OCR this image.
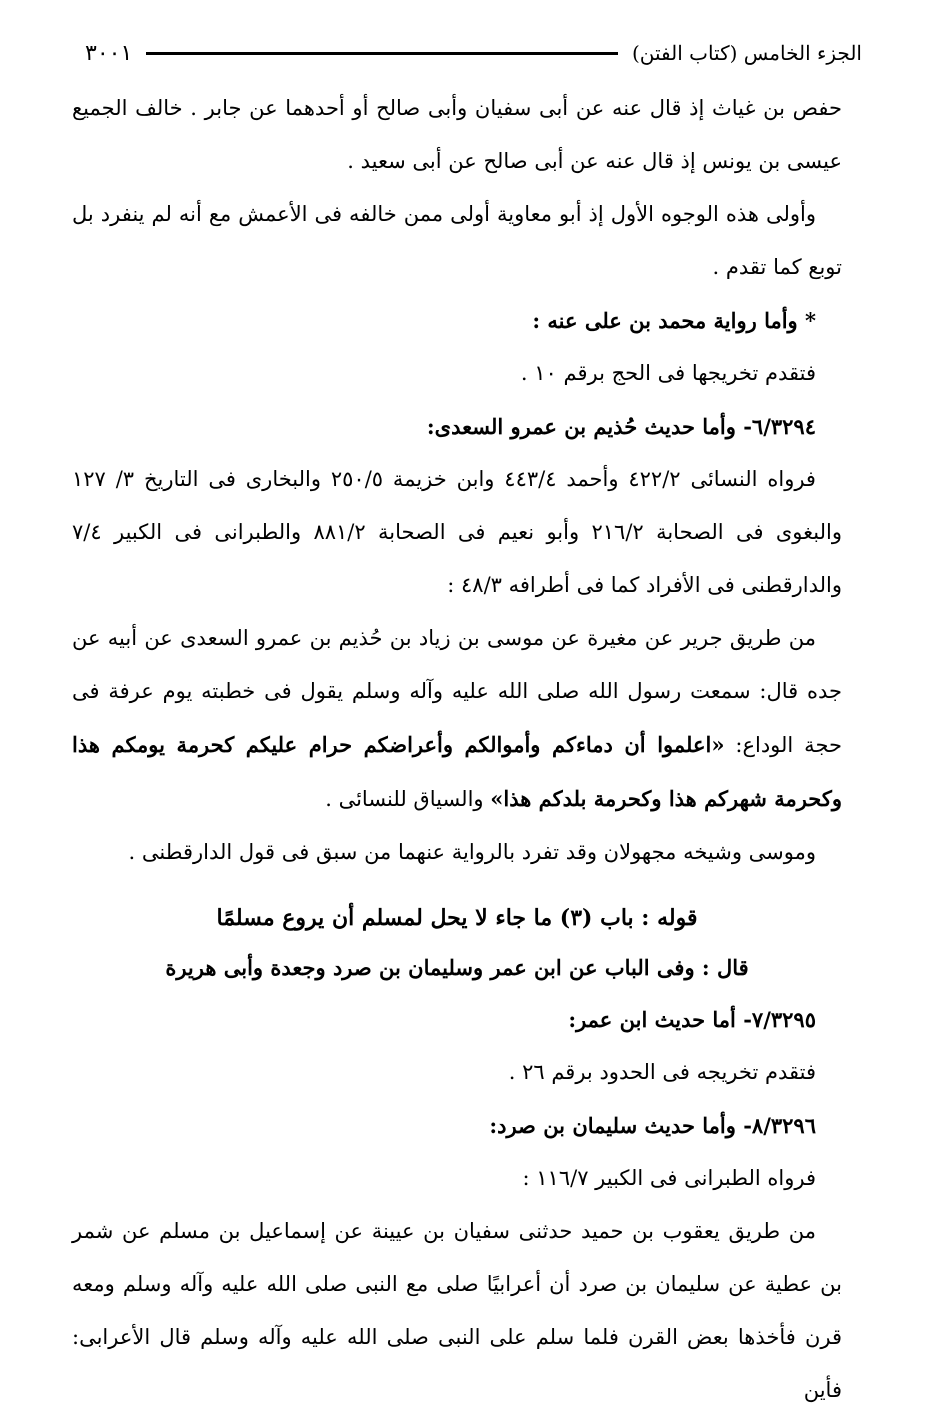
الجزء الخامس (كتاب الفتن)
٣٠٠١

حفص بن غياث إذ قال عنه عن أبى سفيان وأبى صالح أو أحدهما عن جابر . خالف الجميع عيسى بن يونس إذ قال عنه عن أبى صالح عن أبى سعيد .

وأولى هذه الوجوه الأول إذ أبو معاوية أولى ممن خالفه فى الأعمش مع أنه لم ينفرد بل توبع كما تقدم .

* وأما رواية محمد بن على عنه :

فتقدم تخريجها فى الحج برقم ١٠ .

٦/٣٢٩٤- وأما حديث حُذيم بن عمرو السعدى:

فرواه النسائى ٤٢٢/٢ وأحمد ٤٤٣/٤ وابن خزيمة ٢٥٠/٥ والبخارى فى التاريخ ٣/ ١٢٧ والبغوى فى الصحابة ٢١٦/٢ وأبو نعيم فى الصحابة ٨٨١/٢ والطبرانى فى الكبير ٧/٤ والدارقطنى فى الأفراد كما فى أطرافه ٤٨/٣ :

من طريق جرير عن مغيرة عن موسى بن زياد بن حُذيم بن عمرو السعدى عن أبيه عن جده قال: سمعت رسول الله صلى الله عليه وآله وسلم يقول فى خطبته يوم عرفة فى حجة الوداع: «اعلموا أن دماءكم وأموالكم وأعراضكم حرام عليكم كحرمة يومكم هذا وكحرمة شهركم هذا وكحرمة بلدكم هذا» والسياق للنسائى .

وموسى وشيخه مجهولان وقد تفرد بالرواية عنهما من سبق فى قول الدارقطنى .

قوله : باب (٣) ما جاء لا يحل لمسلم أن يروع مسلمًا

قال : وفى الباب عن ابن عمر وسليمان بن صرد وجعدة وأبى هريرة

٧/٣٢٩٥- أما حديث ابن عمر:

فتقدم تخريجه فى الحدود برقم ٢٦ .

٨/٣٢٩٦- وأما حديث سليمان بن صرد:

فرواه الطبرانى فى الكبير ١١٦/٧ :

من طريق يعقوب بن حميد حدثنى سفيان بن عيينة عن إسماعيل بن مسلم عن شمر بن عطية عن سليمان بن صرد أن أعرابيًا صلى مع النبى صلى الله عليه وآله وسلم ومعه قرن فأخذها بعض القرن فلما سلم على النبى صلى الله عليه وآله وسلم قال الأعرابى: فأين
